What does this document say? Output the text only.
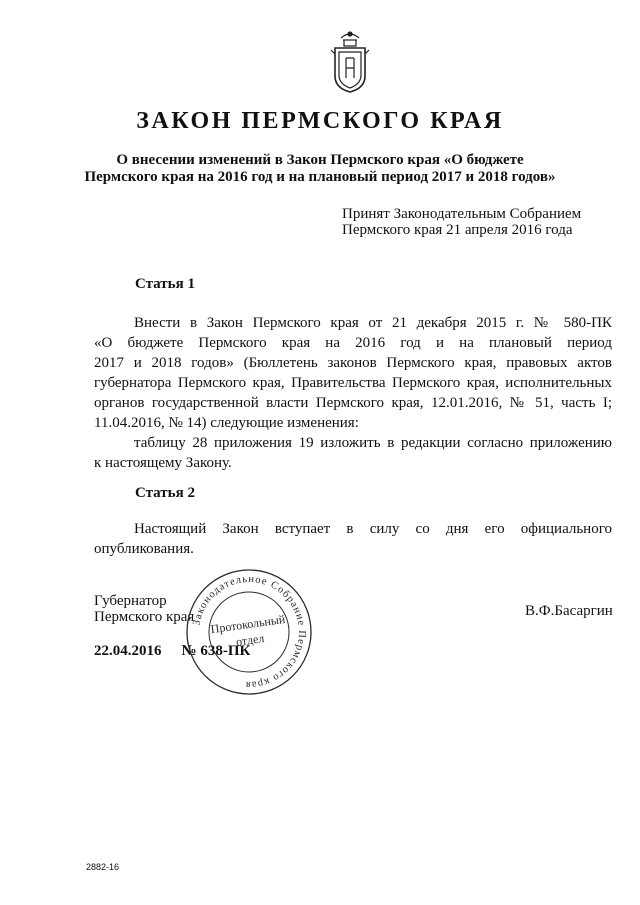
ЗАКОН ПЕРМСКОГО КРАЯ
О внесении изменений в Закон Пермского края «О бюджете
Пермского края на 2016 год и на плановый период 2017 и 2018 годов»
Принят Законодательным Собранием
Пермского края 21 апреля 2016 года
Статья 1
Внести в Закон Пермского края от 21 декабря 2015 г. № 580-ПК
«О бюджете Пермского края на 2016 год и на плановый период
2017 и 2018 годов» (Бюллетень законов Пермского края, правовых актов
губернатора Пермского края, Правительства Пермского края, исполнительных
органов государственной власти Пермского края, 12.01.2016, № 51, часть I;
11.04.2016, № 14) следующие изменения:
таблицу 28 приложения 19 изложить в редакции согласно приложению
к настоящему Закону.
Статья 2
Настоящий Закон вступает в силу со дня его официального
опубликования.
Губернатор
Пермского края	В.Ф.Басаргин
22.04.2016 № 638-ПК
Законодательное Собрание Пермского края
Протокольный
отдел
2882-16
